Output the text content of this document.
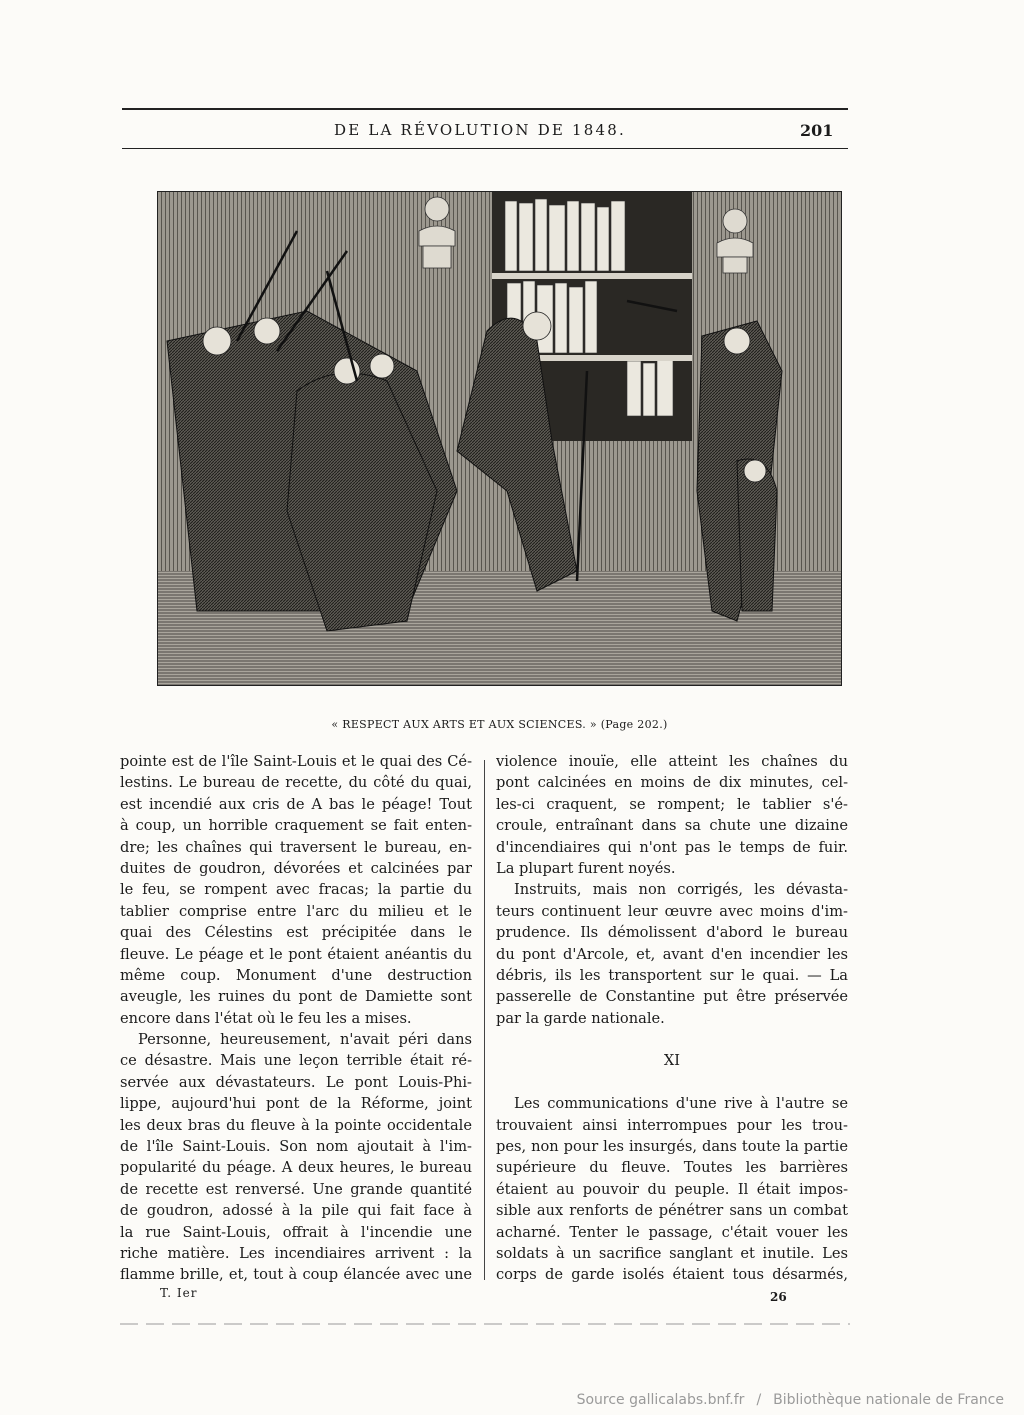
DE LA RÉVOLUTION DE 1848.	201
« RESPECT AUX ARTS ET AUX SCIENCES. » (Page 202.)
pointe est de l'île Saint-Louis et le quai des Cé-
lestins. Le bureau de recette, du côté du quai,
est incendié aux cris de A bas le péage! Tout
à coup, un horrible craquement se fait enten-
dre; les chaînes qui traversent le bureau, en-
duites de goudron, dévorées et calcinées par
le feu, se rompent avec fracas; la partie du
tablier comprise entre l'arc du milieu et le
quai des Célestins est précipitée dans le
fleuve. Le péage et le pont étaient anéantis du
même coup. Monument d'une destruction
aveugle, les ruines du pont de Damiette sont
encore dans l'état où le feu les a mises.
Personne, heureusement, n'avait péri dans
ce désastre. Mais une leçon terrible était ré-
servée aux dévastateurs. Le pont Louis-Phi-
lippe, aujourd'hui pont de la Réforme, joint
les deux bras du fleuve à la pointe occidentale
de l'île Saint-Louis. Son nom ajoutait à l'im-
popularité du péage. A deux heures, le bureau
de recette est renversé. Une grande quantité
de goudron, adossé à la pile qui fait face à
la rue Saint-Louis, offrait à l'incendie une
riche matière. Les incendiaires arrivent : la
flamme brille, et, tout à coup élancée avec une
violence inouïe, elle atteint les chaînes du
pont calcinées en moins de dix minutes, cel-
les-ci craquent, se rompent; le tablier s'é-
croule, entraînant dans sa chute une dizaine
d'incendiaires qui n'ont pas le temps de fuir.
La plupart furent noyés.
Instruits, mais non corrigés, les dévasta-
teurs continuent leur œuvre avec moins d'im-
prudence. Ils démolissent d'abord le bureau
du pont d'Arcole, et, avant d'en incendier les
débris, ils les transportent sur le quai. — La
passerelle de Constantine put être préservée
par la garde nationale.
XI
Les communications d'une rive à l'autre se
trouvaient ainsi interrompues pour les trou-
pes, non pour les insurgés, dans toute la partie
supérieure du fleuve. Toutes les barrières
étaient au pouvoir du peuple. Il était impos-
sible aux renforts de pénétrer sans un combat
acharné. Tenter le passage, c'était vouer les
soldats à un sacrifice sanglant et inutile. Les
corps de garde isolés étaient tous désarmés,
T. Ier	26
Source gallicalabs.bnf.fr / Bibliothèque nationale de France
